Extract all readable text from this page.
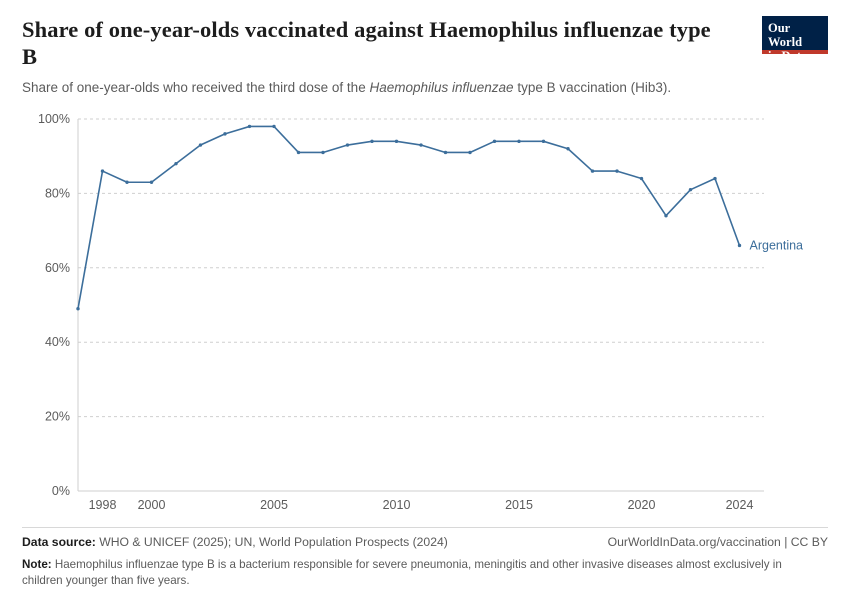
Share of one-year-olds vaccinated against Haemophilus influenzae type B

Share of one-year-olds who received the third dose of the Haemophilus influenzae type B vaccination (Hib3).

Our World
in Data
0%
20%
40%
60%
80%
100%
1998 2000	2005	2010	2015	2020	2024
Argentina
Data source: WHO & UNICEF (2025); UN, World Population Prospects (2024)	OurWorldInData.org/vaccination | CC BY
Note: Haemophilus influenzae type B is a bacterium responsible for severe pneumonia, meningitis and other invasive diseases almost exclusively in children younger than five years.
